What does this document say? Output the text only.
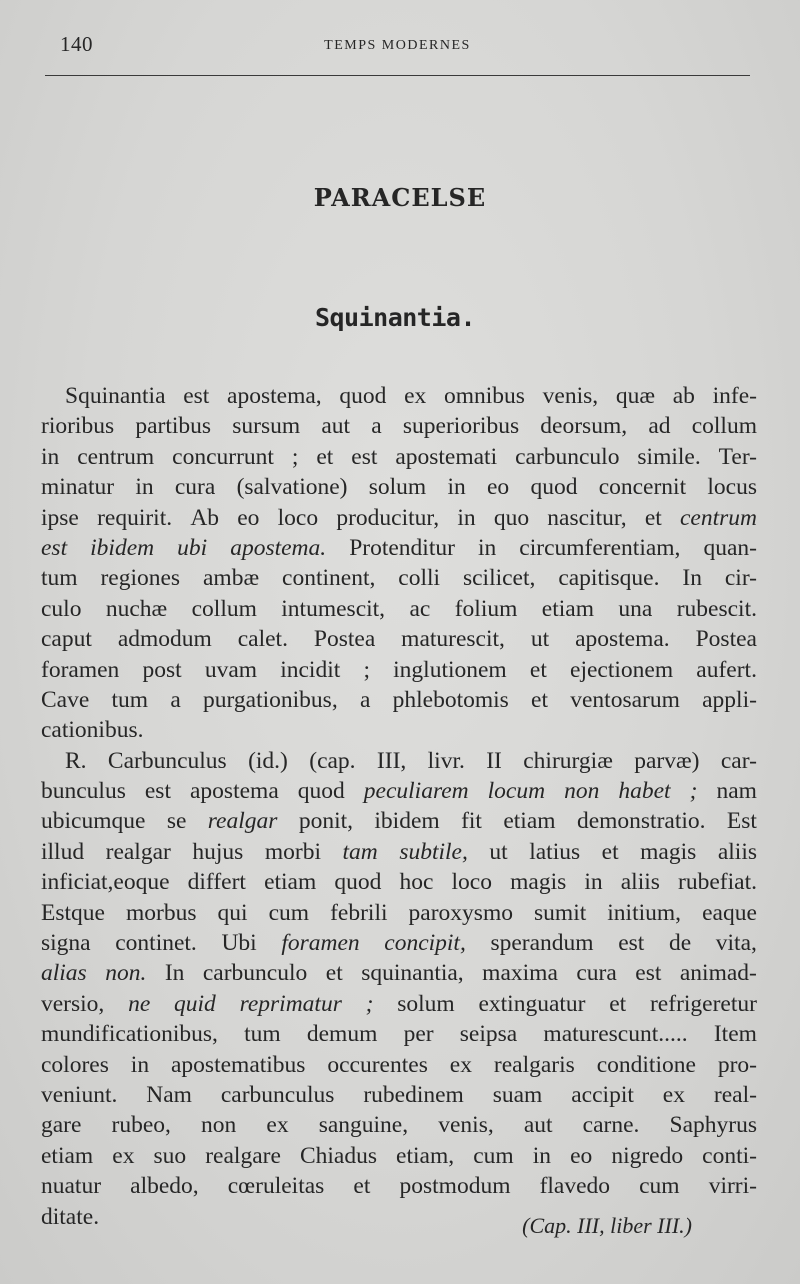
140	TEMPS MODERNES
PARACELSE
Squinantia.
Squinantia est apostema, quod ex omnibus venis, quæ ab infe-
rioribus partibus sursum aut a superioribus deorsum, ad collum
in centrum concurrunt ; et est apostemati carbunculo simile. Ter-
minatur in cura (salvatione) solum in eo quod concernit locus
ipse requirit. Ab eo loco producitur, in quo nascitur, et centrum
est ibidem ubi apostema. Protenditur in circumferentiam, quan-
tum regiones ambæ continent, colli scilicet, capitisque. In cir-
culo nuchæ collum intumescit, ac folium etiam una rubescit.
caput admodum calet. Postea maturescit, ut apostema. Postea
foramen post uvam incidit ; inglutionem et ejectionem aufert.
Cave tum a purgationibus, a phlebotomis et ventosarum appli-
cationibus.
R. Carbunculus (id.) (cap. III, livr. II chirurgiæ parvæ) car-
bunculus est apostema quod peculiarem locum non habet ; nam
ubicumque se realgar ponit, ibidem fit etiam demonstratio. Est
illud realgar hujus morbi tam subtile, ut latius et magis aliis
inficiat,eoque differt etiam quod hoc loco magis in aliis rubefiat.
Estque morbus qui cum febrili paroxysmo sumit initium, eaque
signa continet. Ubi foramen concipit, sperandum est de vita,
alias non. In carbunculo et squinantia, maxima cura est animad-
versio, ne quid reprimatur ; solum extinguatur et refrigeretur
mundificationibus, tum demum per seipsa maturescunt..... Item
colores in apostematibus occurentes ex realgaris conditione pro-
veniunt. Nam carbunculus rubedinem suam accipit ex real-
gare rubeo, non ex sanguine, venis, aut carne. Saphyrus
etiam ex suo realgare Chiadus etiam, cum in eo nigredo conti-
nuatur albedo, cœruleitas et postmodum flavedo cum virri-
ditate.	(Cap. III, liber III.)
